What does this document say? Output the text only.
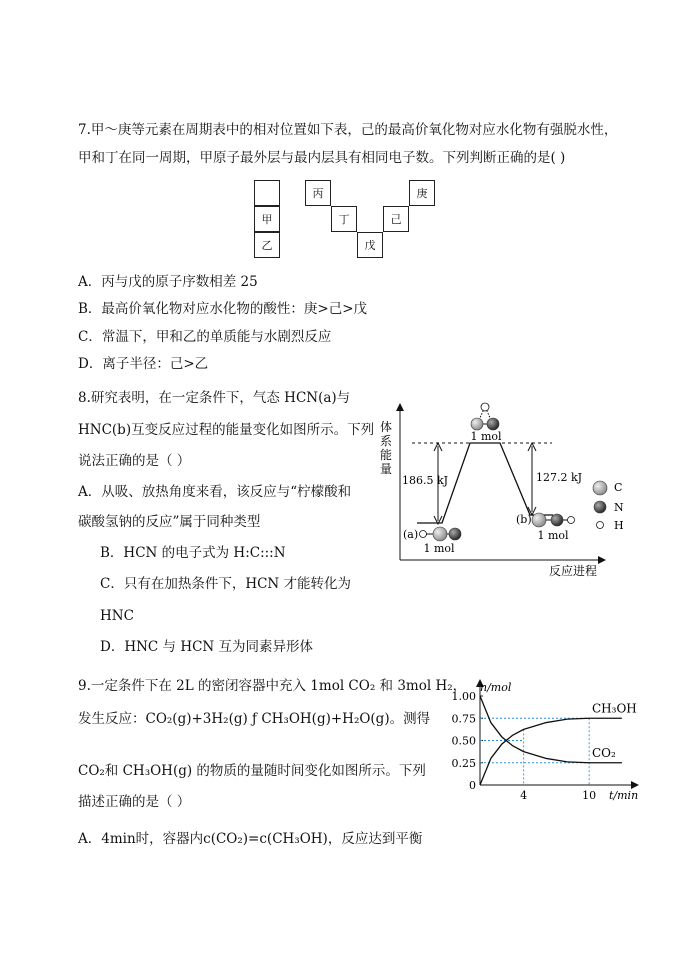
7.甲～庚等元素在周期表中的相对位置如下表，己的最高价氧化物对应水化物有强脱水性，
甲和丁在同一周期，甲原子最外层与最内层具有相同电子数。下列判断正确的是( )
甲
乙
丙
丁
戊
己
庚
A．丙与戊的原子序数相差 25
B．最高价氧化物对应水化物的酸性：庚>己>戊
C．常温下，甲和乙的单质能与水剧烈反应
D．离子半径：己>乙
8.研究表明，在一定条件下，气态 HCN(a)与
HNC(b)互变反应过程的能量变化如图所示。下列
说法正确的是（ ）
A．从吸、放热角度来看，该反应与“柠檬酸和
碳酸氢钠的反应”属于同种类型
B．HCN 的电子式为 H:C:::N
C．只有在加热条件下，HCN 才能转化为
HNC
D．HNC 与 HCN 互为同素异形体
体
系
能
量
反应进程
186.5 kJ	127.2 kJ
1 mol
(a)
1 mol
(b)
1 mol
C
N
H
9.一定条件下在 2L 的密闭容器中充入 1mol CO₂ 和 3mol H₂，
发生反应：CO₂(g)+3H₂(g) ƒ CH₃OH(g)+H₂O(g)。测得
CO₂和 CH₃OH(g) 的物质的量随时间变化如图所示。下列
描述正确的是（ ）
A．4min时，容器内c(CO₂)=c(CH₃OH)，反应达到平衡
0
0.25
0.50
0.75
1.00
4	10
n/mol
t/min
CH₃OH
CO₂
